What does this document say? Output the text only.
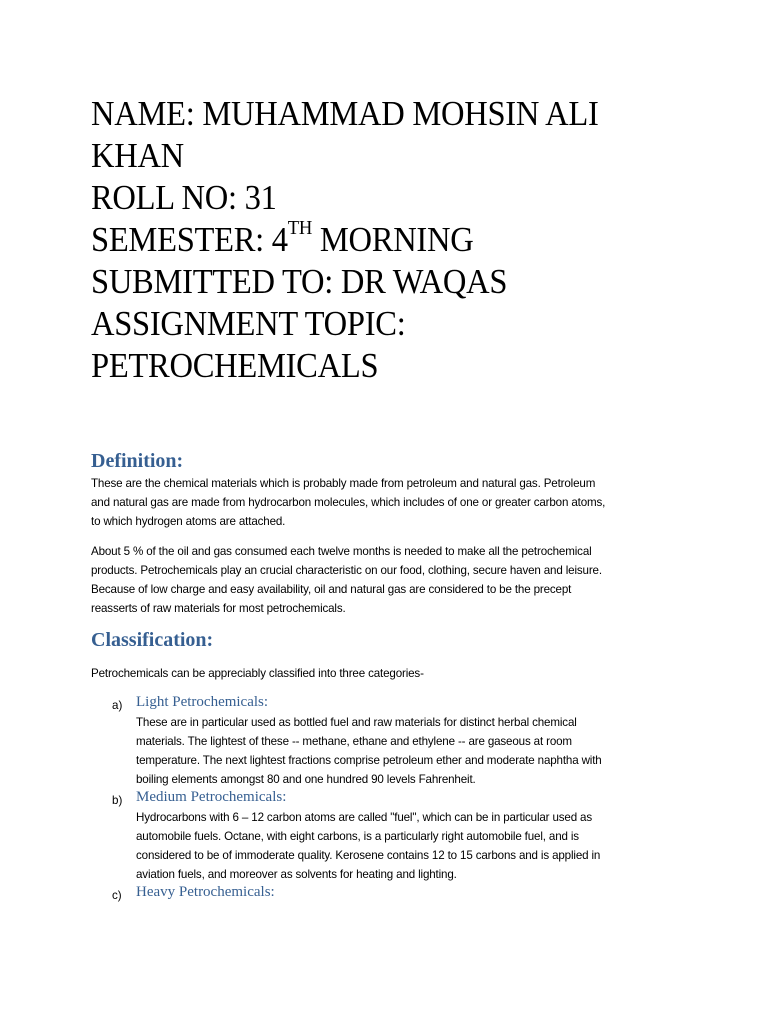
NAME: MUHAMMAD MOHSIN ALI
KHAN
ROLL NO: 31
SEMESTER: 4TH MORNING
SUBMITTED TO: DR WAQAS
ASSIGNMENT TOPIC:
PETROCHEMICALS
Definition:
These are the chemical materials which is probably made from petroleum and natural gas. Petroleum
and natural gas are made from hydrocarbon molecules, which includes of one or greater carbon atoms,
to which hydrogen atoms are attached.
About 5 % of the oil and gas consumed each twelve months is needed to make all the petrochemical
products. Petrochemicals play an crucial characteristic on our food, clothing, secure haven and leisure.
Because of low charge and easy availability, oil and natural gas are considered to be the precept
reasserts of raw materials for most petrochemicals.
Classification:
Petrochemicals can be appreciably classified into three categories-
a) Light Petrochemicals:
These are in particular used as bottled fuel and raw materials for distinct herbal chemical
materials. The lightest of these -- methane, ethane and ethylene -- are gaseous at room
temperature. The next lightest fractions comprise petroleum ether and moderate naphtha with
boiling elements amongst 80 and one hundred 90 levels Fahrenheit.
b) Medium Petrochemicals:
Hydrocarbons with 6 – 12 carbon atoms are called "fuel", which can be in particular used as
automobile fuels. Octane, with eight carbons, is a particularly right automobile fuel, and is
considered to be of immoderate quality. Kerosene contains 12 to 15 carbons and is applied in
aviation fuels, and moreover as solvents for heating and lighting.
c) Heavy Petrochemicals:
